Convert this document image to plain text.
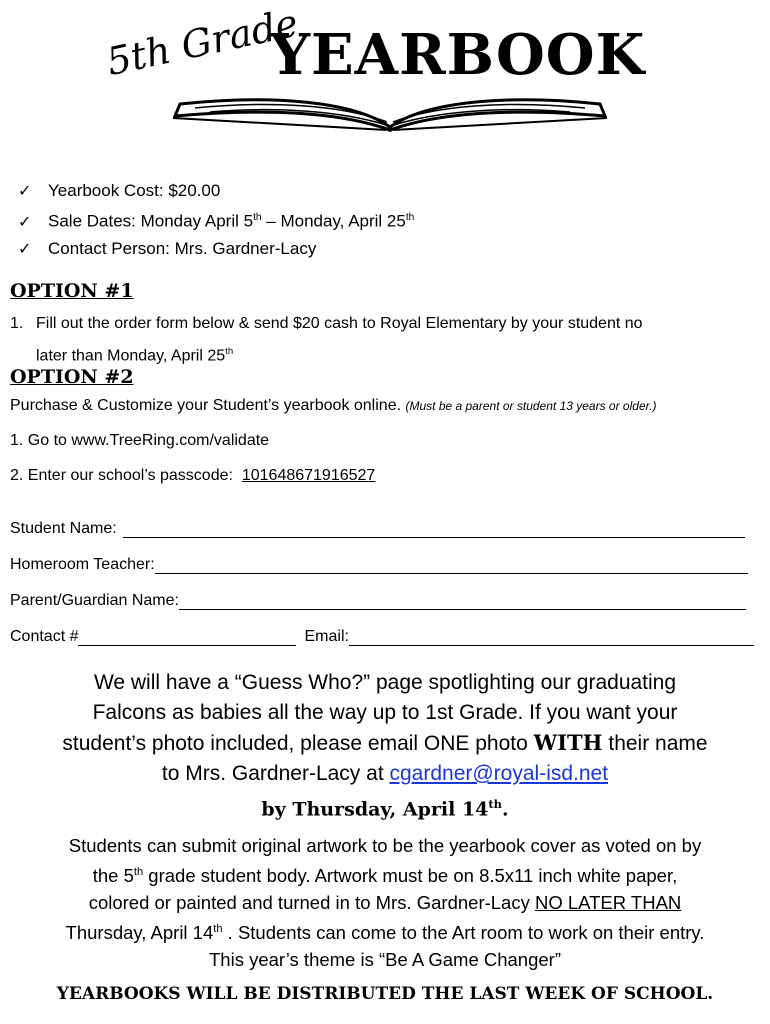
5th Grade
YEARBOOK
✓ Yearbook Cost: $20.00
✓ Sale Dates: Monday April 5th – Monday, April 25th
✓ Contact Person: Mrs. Gardner-Lacy
OPTION #1
1. Fill out the order form below & send $20 cash to Royal Elementary by your student no
later than Monday, April 25th
OPTION #2
Purchase & Customize your Student’s yearbook online. (Must be a parent or student 13 years or older.)
1. Go to www.TreeRing.com/validate
2. Enter our school’s passcode: 101648671916527
Student Name:
Homeroom Teacher:
Parent/Guardian Name:
Contact #	Email:
We will have a “Guess Who?” page spotlighting our graduating
Falcons as babies all the way up to 1st Grade. If you want your
student’s photo included, please email ONE photo WITH their name
to Mrs. Gardner-Lacy at cgardner@royal-isd.net
by Thursday, April 14th.
Students can submit original artwork to be the yearbook cover as voted on by
the 5th grade student body. Artwork must be on 8.5x11 inch white paper,
colored or painted and turned in to Mrs. Gardner-Lacy NO LATER THAN
Thursday, April 14th . Students can come to the Art room to work on their entry.
This year’s theme is “Be A Game Changer”
YEARBOOKS WILL BE DISTRIBUTED THE LAST WEEK OF SCHOOL.
